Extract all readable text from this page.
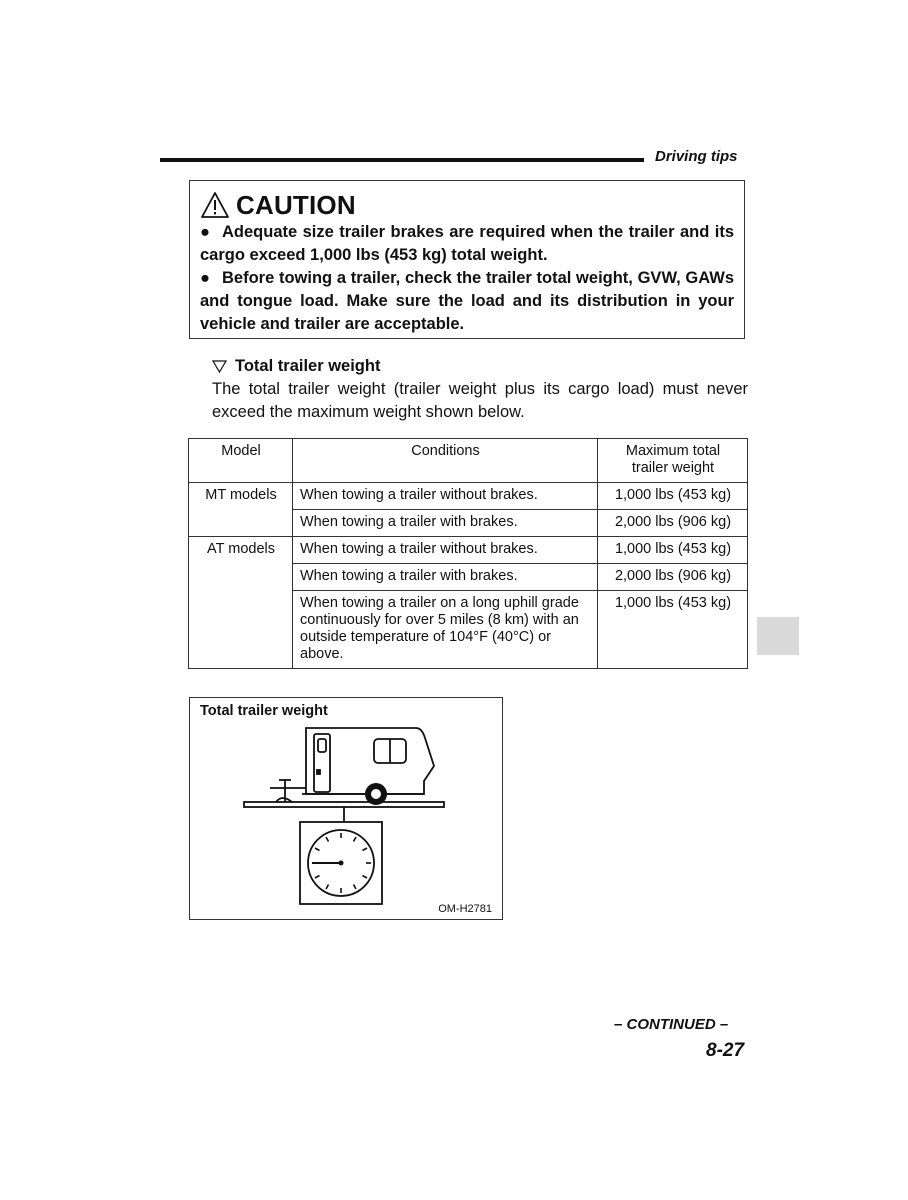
Driving tips
CAUTION
● Adequate size trailer brakes are required when the trailer and its cargo exceed 1,000 lbs (453 kg) total weight.
● Before towing a trailer, check the trailer total weight, GVW, GAWs and tongue load. Make sure the load and its distribution in your vehicle and trailer are acceptable.
Total trailer weight
The total trailer weight (trailer weight plus its cargo load) must never exceed the maximum weight shown below.
Model	Conditions	Maximum total trailer weight
MT models	When towing a trailer without brakes.	1,000 lbs (453 kg)
	When towing a trailer with brakes.	2,000 lbs (906 kg)
AT models	When towing a trailer without brakes.	1,000 lbs (453 kg)
	When towing a trailer with brakes.	2,000 lbs (906 kg)
	When towing a trailer on a long uphill grade continuously for over 5 miles (8 km) with an outside temperature of 104°F (40°C) or above.	1,000 lbs (453 kg)
Total trailer weight
OM-H2781
– CONTINUED –
8-27
